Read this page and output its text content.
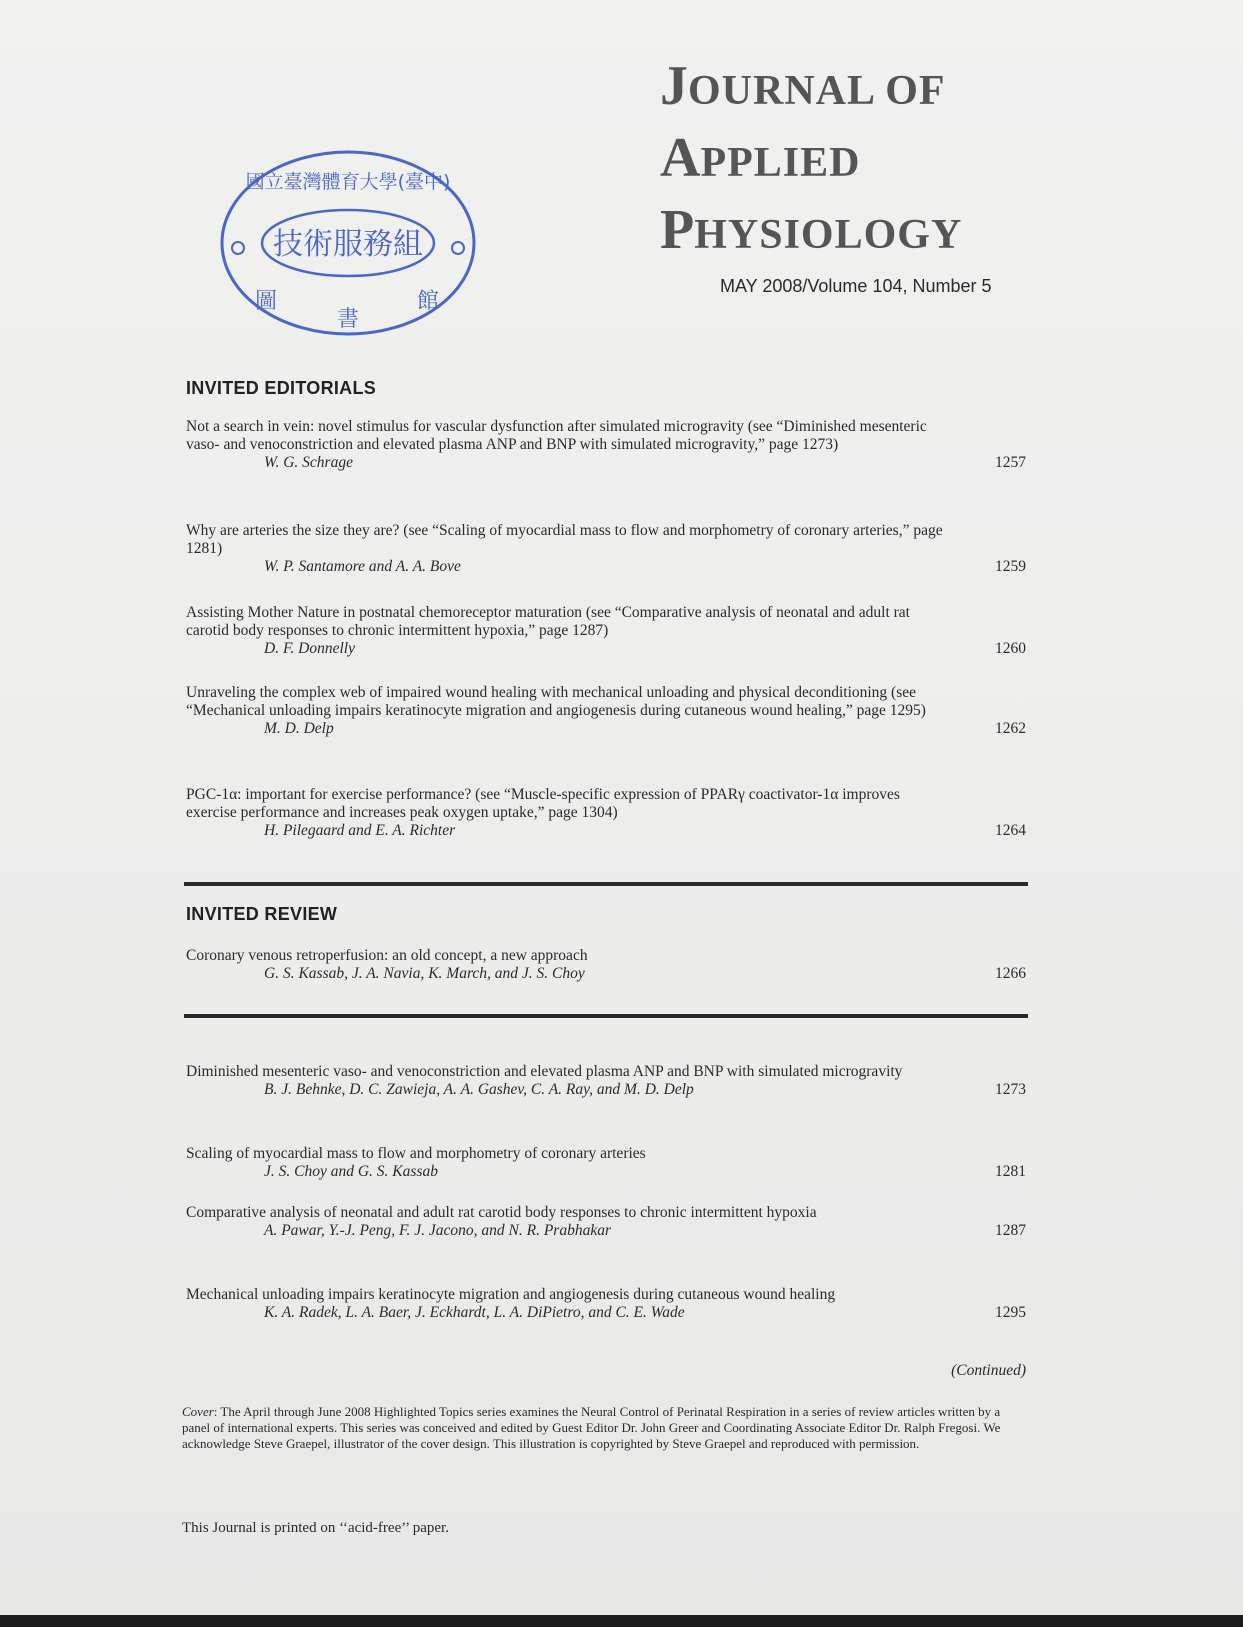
國立臺灣體育大學(臺中)
技術服務組
圖
書
館
JOURNAL OF
APPLIED
PHYSIOLOGY
MAY 2008/Volume 104, Number 5
INVITED EDITORIALS
Not a search in vein: novel stimulus for vascular dysfunction after simulated microgravity (see “Diminished mesenteric vaso- and venoconstriction and elevated plasma ANP and BNP with simulated microgravity,” page 1273)
W. G. Schrage	1257
Why are arteries the size they are? (see “Scaling of myocardial mass to flow and morphometry of coronary arteries,” page 1281)
W. P. Santamore and A. A. Bove	1259
Assisting Mother Nature in postnatal chemoreceptor maturation (see “Comparative analysis of neonatal and adult rat carotid body responses to chronic intermittent hypoxia,” page 1287)
D. F. Donnelly	1260
Unraveling the complex web of impaired wound healing with mechanical unloading and physical deconditioning (see “Mechanical unloading impairs keratinocyte migration and angiogenesis during cutaneous wound healing,” page 1295)
M. D. Delp	1262
PGC-1α: important for exercise performance? (see “Muscle-specific expression of PPARγ coactivator-1α improves exercise performance and increases peak oxygen uptake,” page 1304)
H. Pilegaard and E. A. Richter	1264
INVITED REVIEW
Coronary venous retroperfusion: an old concept, a new approach
G. S. Kassab, J. A. Navia, K. March, and J. S. Choy	1266
Diminished mesenteric vaso- and venoconstriction and elevated plasma ANP and BNP with simulated microgravity
B. J. Behnke, D. C. Zawieja, A. A. Gashev, C. A. Ray, and M. D. Delp	1273
Scaling of myocardial mass to flow and morphometry of coronary arteries
J. S. Choy and G. S. Kassab	1281
Comparative analysis of neonatal and adult rat carotid body responses to chronic intermittent hypoxia
A. Pawar, Y.-J. Peng, F. J. Jacono, and N. R. Prabhakar	1287
Mechanical unloading impairs keratinocyte migration and angiogenesis during cutaneous wound healing
K. A. Radek, L. A. Baer, J. Eckhardt, L. A. DiPietro, and C. E. Wade	1295
(Continued)
Cover: The April through June 2008 Highlighted Topics series examines the Neural Control of Perinatal Respiration in a series of review articles written by a panel of international experts. This series was conceived and edited by Guest Editor Dr. John Greer and Coordinating Associate Editor Dr. Ralph Fregosi. We acknowledge Steve Graepel, illustrator of the cover design. This illustration is copyrighted by Steve Graepel and reproduced with permission.
This Journal is printed on ‘‘acid-free’’ paper.
